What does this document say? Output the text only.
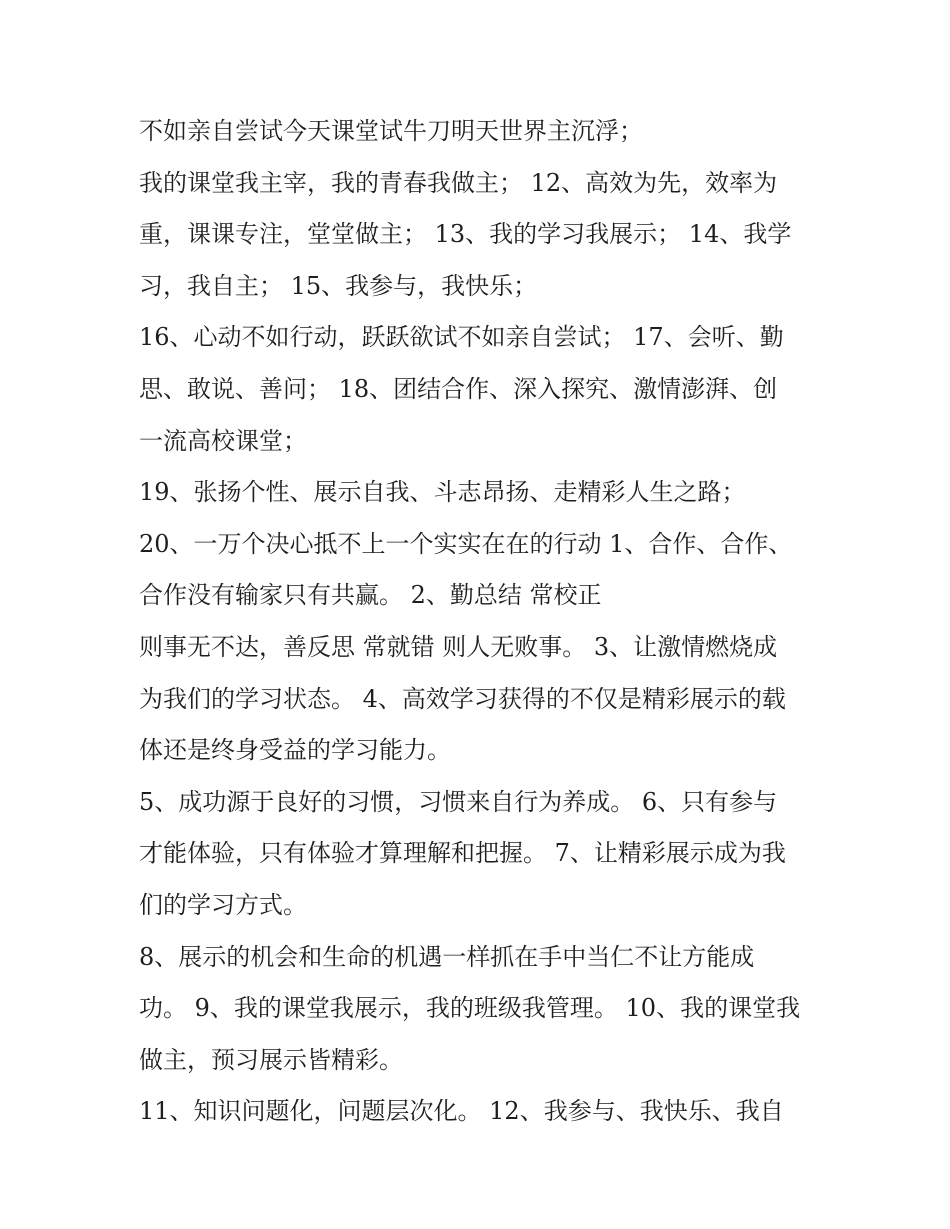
不如亲自尝试今天课堂试牛刀明天世界主沉浮；
我的课堂我主宰，我的青春我做主； 12、高效为先，效率为
重，课课专注，堂堂做主； 13、我的学习我展示； 14、我学
习，我自主； 15、我参与，我快乐；
16、心动不如行动，跃跃欲试不如亲自尝试； 17、会听、勤
思、敢说、善问； 18、团结合作、深入探究、激情澎湃、创
一流高校课堂；
19、张扬个性、展示自我、斗志昂扬、走精彩人生之路；
20、一万个决心抵不上一个实实在在的行动 1、合作、合作、
合作没有输家只有共赢。 2、勤总结 常校正
则事无不达，善反思 常就错 则人无败事。 3、让激情燃烧成
为我们的学习状态。 4、高效学习获得的不仅是精彩展示的载
体还是终身受益的学习能力。
5、成功源于良好的习惯，习惯来自行为养成。 6、只有参与
才能体验，只有体验才算理解和把握。 7、让精彩展示成为我
们的学习方式。
8、展示的机会和生命的机遇一样抓在手中当仁不让方能成
功。 9、我的课堂我展示，我的班级我管理。 10、我的课堂我
做主，预习展示皆精彩。
11、知识问题化，问题层次化。 12、我参与、我快乐、我自
